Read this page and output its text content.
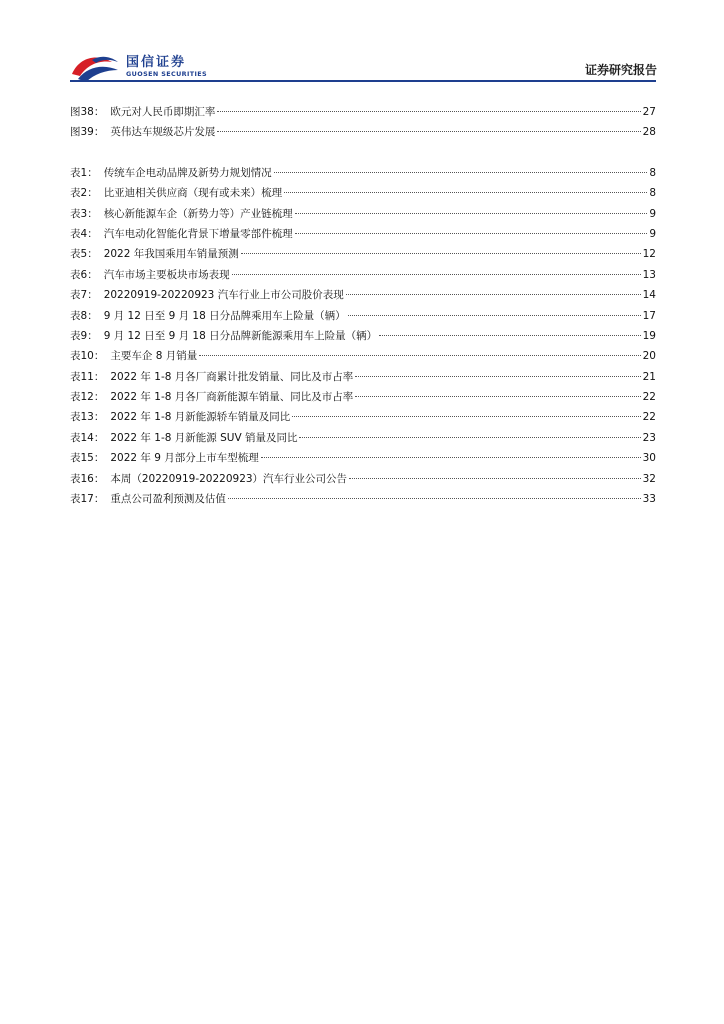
国信证券
GUOSEN SECURITIES	证券研究报告
图38 ： 欧元对人民币即期汇率	27
图39 ： 英伟达车规级芯片发展	28
表1 ： 传统车企电动品牌及新势力规划情况	8
表2 ： 比亚迪相关供应商（现有或未来）梳理	8
表3 ： 核心新能源车企（新势力等）产业链梳理	9
表4 ： 汽车电动化智能化背景下增量零部件梳理	9
表5 ： 2022 年我国乘用车销量预测	12
表6 ： 汽车市场主要板块市场表现	13
表7 ： 20220919-20220923 汽车行业上市公司股价表现	14
表8 ： 9 月 12 日至 9 月 18 日分品牌乘用车上险量（辆）	17
表9 ： 9 月 12 日至 9 月 18 日分品牌新能源乘用车上险量（辆）	19
表10 ： 主要车企 8 月销量	20
表11 ： 2022 年 1-8 月各厂商累计批发销量、同比及市占率	21
表12 ： 2022 年 1-8 月各厂商新能源车销量、同比及市占率	22
表13 ： 2022 年 1-8 月新能源轿车销量及同比	22
表14 ： 2022 年 1-8 月新能源 SUV 销量及同比	23
表15 ： 2022 年 9 月部分上市车型梳理	30
表16 ： 本周（20220919-20220923）汽车行业公司公告	32
表17 ： 重点公司盈利预测及估值	33
